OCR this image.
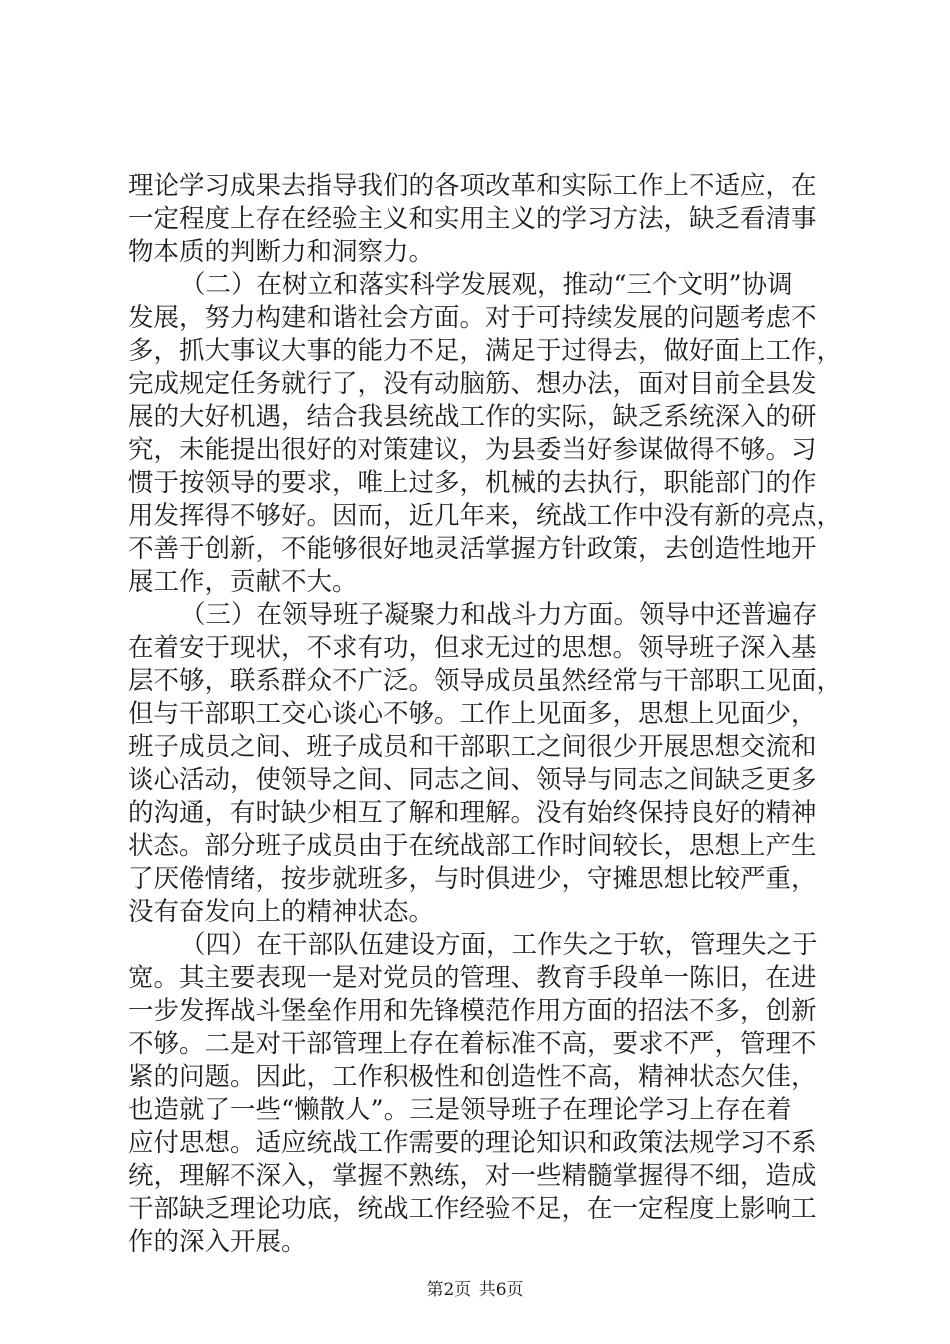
理论学习成果去指导我们的各项改革和实际工作上不适应，在
一定程度上存在经验主义和实用主义的学习方法，缺乏看清事
物本质的判断力和洞察力。
（二）在树立和落实科学发展观，推动“三个文明”协调
发展，努力构建和谐社会方面。对于可持续发展的问题考虑不
多，抓大事议大事的能力不足，满足于过得去，做好面上工作，
完成规定任务就行了，没有动脑筋、想办法，面对目前全县发
展的大好机遇，结合我县统战工作的实际，缺乏系统深入的研
究，未能提出很好的对策建议，为县委当好参谋做得不够。习
惯于按领导的要求，唯上过多，机械的去执行，职能部门的作
用发挥得不够好。因而，近几年来，统战工作中没有新的亮点，
不善于创新，不能够很好地灵活掌握方针政策，去创造性地开
展工作，贡献不大。
（三）在领导班子凝聚力和战斗力方面。领导中还普遍存
在着安于现状，不求有功，但求无过的思想。领导班子深入基
层不够，联系群众不广泛。领导成员虽然经常与干部职工见面，
但与干部职工交心谈心不够。工作上见面多，思想上见面少，
班子成员之间、班子成员和干部职工之间很少开展思想交流和
谈心活动，使领导之间、同志之间、领导与同志之间缺乏更多
的沟通，有时缺少相互了解和理解。没有始终保持良好的精神
状态。部分班子成员由于在统战部工作时间较长，思想上产生
了厌倦情绪，按步就班多，与时俱进少，守摊思想比较严重，
没有奋发向上的精神状态。
（四）在干部队伍建设方面，工作失之于软，管理失之于
宽。其主要表现一是对党员的管理、教育手段单一陈旧，在进
一步发挥战斗堡垒作用和先锋模范作用方面的招法不多，创新
不够。二是对干部管理上存在着标准不高，要求不严，管理不
紧的问题。因此，工作积极性和创造性不高，精神状态欠佳，
也造就了一些“懒散人”。三是领导班子在理论学习上存在着
应付思想。适应统战工作需要的理论知识和政策法规学习不系
统，理解不深入，掌握不熟练，对一些精髓掌握得不细，造成
干部缺乏理论功底，统战工作经验不足，在一定程度上影响工
作的深入开展。
第2页 共6页
